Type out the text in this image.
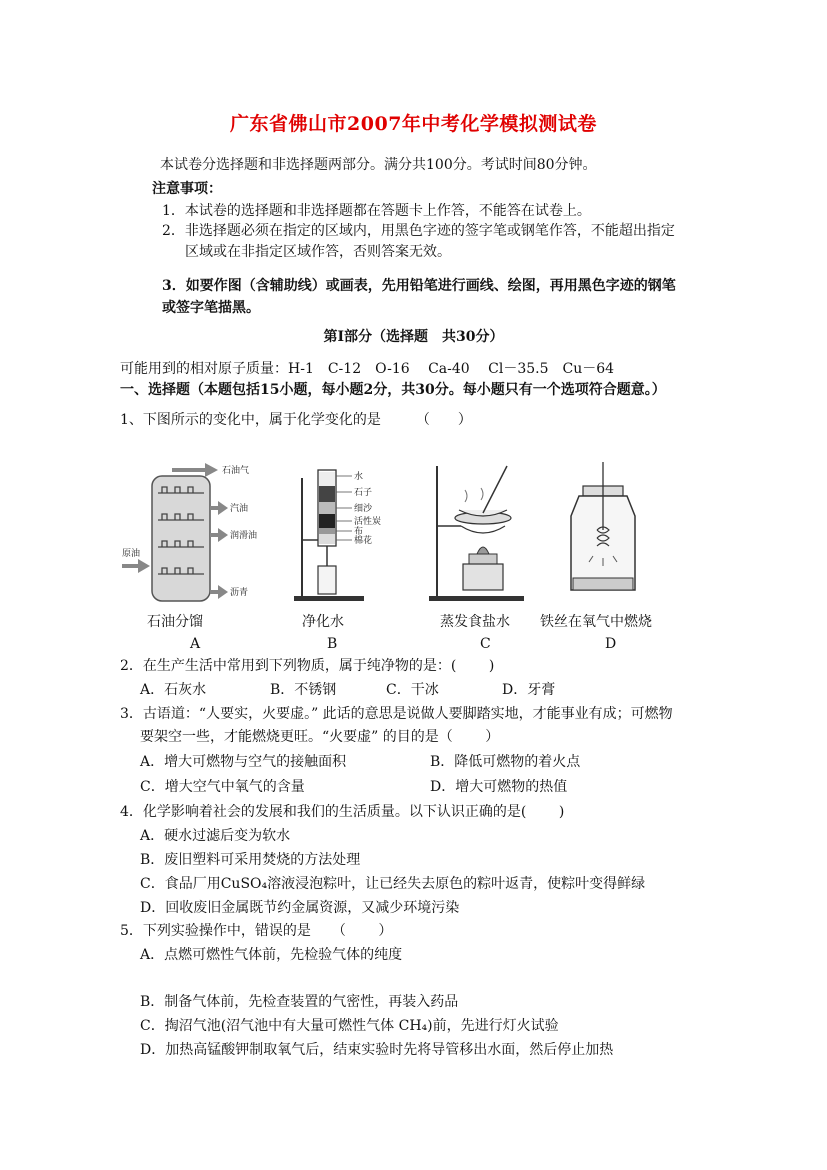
广东省佛山市2007年中考化学模拟测试卷
本试卷分选择题和非选择题两部分。满分共100分。考试时间80分钟。
注意事项：
1．本试卷的选择题和非选择题都在答题卡上作答，不能答在试卷上。
2．非选择题必须在指定的区域内，用黑色字迹的签字笔或钢笔作答，不能超出指定
区域或在非指定区域作答，否则答案无效。
3．如要作图（含辅助线）或画表，先用铅笔进行画线、绘图，再用黑色字迹的钢笔
或签字笔描黑。
第Ⅰ部分（选择题　共30分）
可能用到的相对原子质量：H-1　C-12　O-16　 Ca-40　 Cl－35.5　Cu－64
一、选择题（本题包括15小题，每小题2分，共30分。每小题只有一个选项符合题意。）
1、下图所示的变化中，属于化学变化的是　　　（　　）
石油气
汽油
润滑油
沥青
原油
水
石子
细沙
活性炭
布
棉花
石油分馏
A
净化水
B
蒸发食盐水
C
铁丝在氧气中燃烧
D
2．在生产生活中常用到下列物质，属于纯净物的是：(　　 )
A．石灰水	B．不锈钢	C．干冰	D．牙膏
3．古语道：“人要实，火要虚。” 此话的意思是说做人要脚踏实地，才能事业有成；可燃物
要架空一些，才能燃烧更旺。“火要虚” 的目的是（　　 ）
A．增大可燃物与空气的接触面积	B．降低可燃物的着火点
C．增大空气中氧气的含量	D．增大可燃物的热值
4．化学影响着社会的发展和我们的生活质量。以下认识正确的是(　　 )
A．硬水过滤后变为软水
B．废旧塑料可采用焚烧的方法处理
C．食品厂用CuSO₄溶液浸泡粽叶，让已经失去原色的粽叶返青，使粽叶变得鲜绿
D．回收废旧金属既节约金属资源，又减少环境污染
5．下列实验操作中，错误的是　　（　　 ）
A．点燃可燃性气体前，先检验气体的纯度
B．制备气体前，先检查装置的气密性，再装入药品
C．掏沼气池(沼气池中有大量可燃性气体 CH₄)前，先进行灯火试验
D．加热高锰酸钾制取氧气后，结束实验时先将导管移出水面，然后停止加热
